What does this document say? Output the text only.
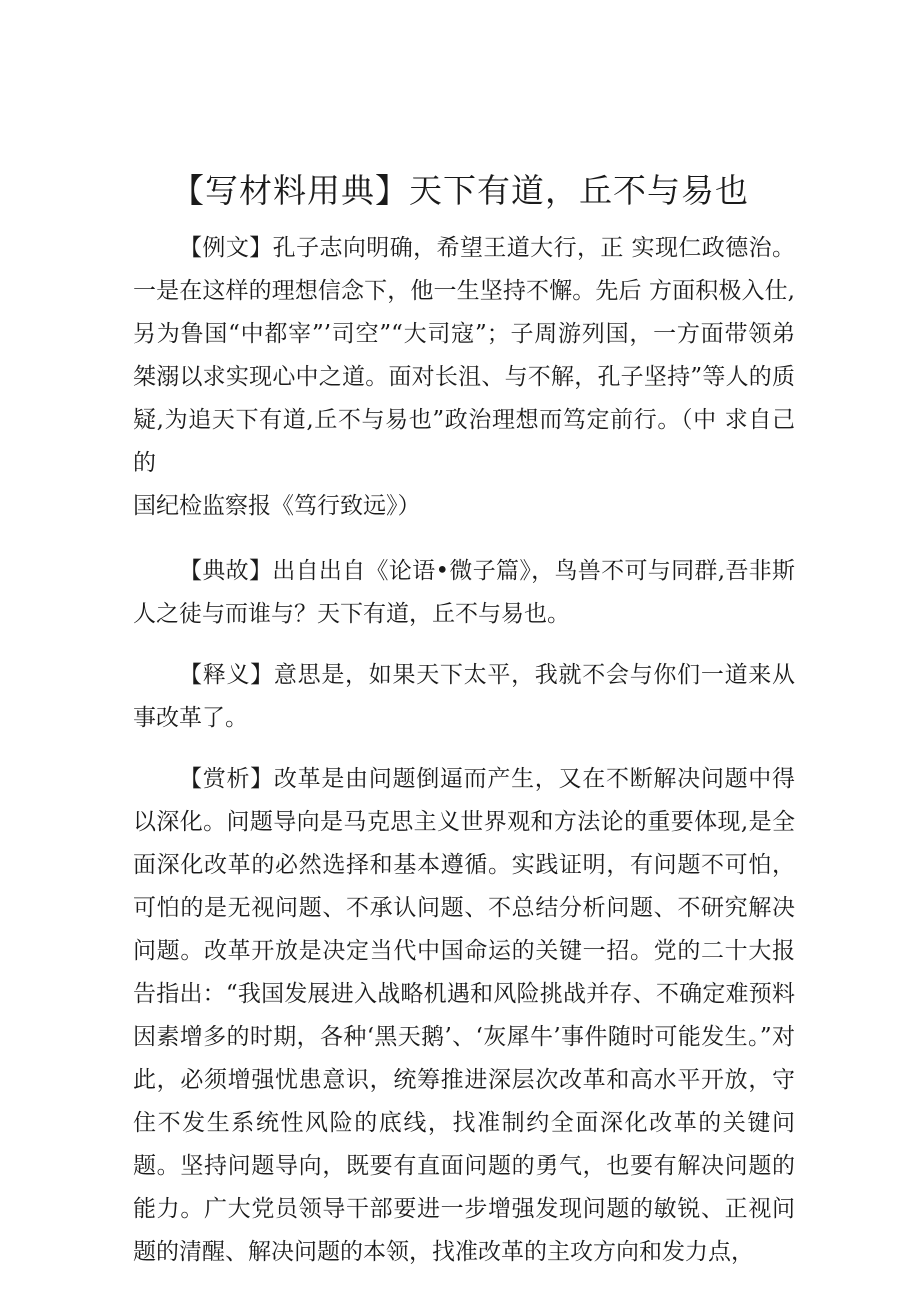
【写材料用典】天下有道，丘不与易也

【例文】孔子志向明确，希望王道大行，正 实现仁政德治。一是在这样的理想信念下，他一生坚持不懈。先后 方面积极入仕,另为鲁国“中都宰”’司空”“大司寇”；子周游列国，一方面带领弟桀溺以求实现心中之道。面对长沮、与不解，孔子坚持”等人的质疑,为追天下有道,丘不与易也”政治理想而笃定前行。（中 求自己的
国纪检监察报《笃行致远》）

【典故】出自出自《论语•微子篇》，鸟兽不可与同群,吾非斯人之徒与而谁与？天下有道，丘不与易也。

【释义】意思是，如果天下太平，我就不会与你们一道来从事改革了。

【赏析】改革是由问题倒逼而产生，又在不断解决问题中得以深化。问题导向是马克思主义世界观和方法论的重要体现,是全面深化改革的必然选择和基本遵循。实践证明，有问题不可怕，可怕的是无视问题、不承认问题、不总结分析问题、不研究解决问题。改革开放是决定当代中国命运的关键一招。党的二十大报告指出：“我国发展进入战略机遇和风险挑战并存、不确定难预料因素增多的时期，各种‘黑天鹅’、‘灰犀牛’事件随时可能发生。”对此，必须增强忧患意识，统筹推进深层次改革和高水平开放，守住不发生系统性风险的底线，找准制约全面深化改革的关键问题。坚持问题导向，既要有直面问题的勇气，也要有解决问题的能力。广大党员领导干部要进一步增强发现问题的敏锐、正视问题的清醒、解决问题的本领，找准改革的主攻方向和发力点，
